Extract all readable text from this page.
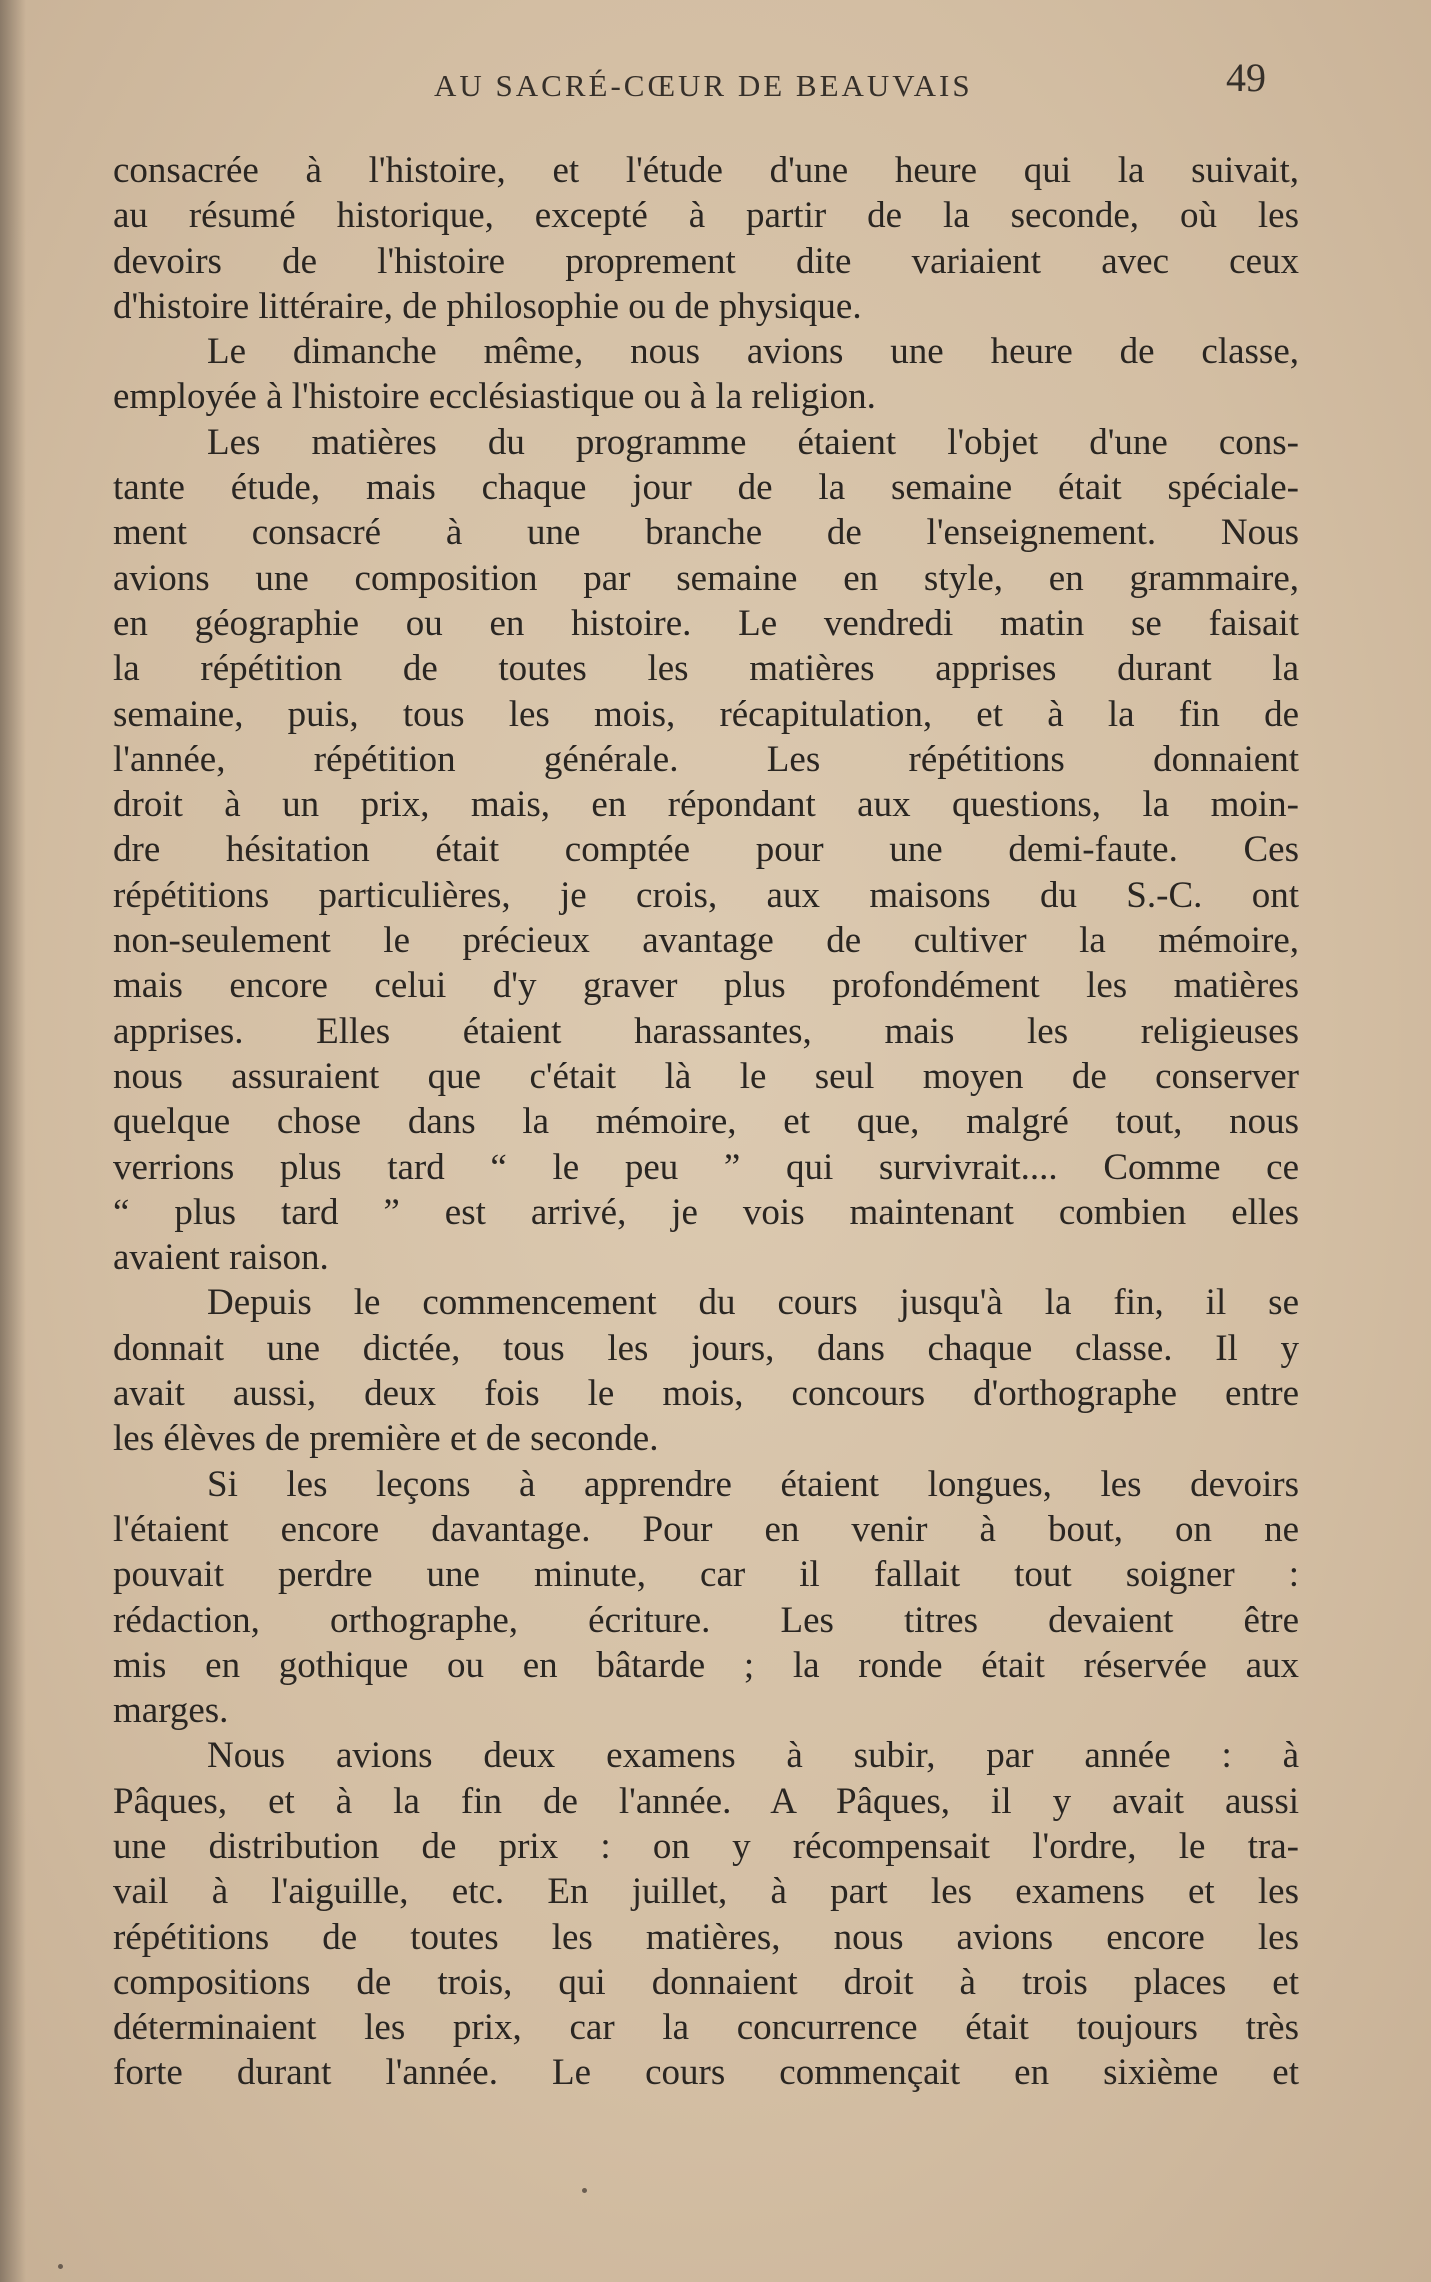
AU SACRÉ-CŒUR DE BEAUVAIS	49
consacrée à l'histoire, et l'étude d'une heure qui la suivait,
au résumé historique, excepté à partir de la seconde, où les
devoirs de l'histoire proprement dite variaient avec ceux
d'histoire littéraire, de philosophie ou de physique.
Le dimanche même, nous avions une heure de classe,
employée à l'histoire ecclésiastique ou à la religion.
Les matières du programme étaient l'objet d'une cons-
tante étude, mais chaque jour de la semaine était spéciale-
ment consacré à une branche de l'enseignement. Nous
avions une composition par semaine en style, en grammaire,
en géographie ou en histoire. Le vendredi matin se faisait
la répétition de toutes les matières apprises durant la
semaine, puis, tous les mois, récapitulation, et à la fin de
l'année, répétition générale. Les répétitions donnaient
droit à un prix, mais, en répondant aux questions, la moin-
dre hésitation était comptée pour une demi-faute. Ces
répétitions particulières, je crois, aux maisons du S.-C. ont
non-seulement le précieux avantage de cultiver la mémoire,
mais encore celui d'y graver plus profondément les matières
apprises. Elles étaient harassantes, mais les religieuses
nous assuraient que c'était là le seul moyen de conserver
quelque chose dans la mémoire, et que, malgré tout, nous
verrions plus tard “ le peu ” qui survivrait.... Comme ce
“ plus tard ” est arrivé, je vois maintenant combien elles
avaient raison.
Depuis le commencement du cours jusqu'à la fin, il se
donnait une dictée, tous les jours, dans chaque classe. Il y
avait aussi, deux fois le mois, concours d'orthographe entre
les élèves de première et de seconde.
Si les leçons à apprendre étaient longues, les devoirs
l'étaient encore davantage. Pour en venir à bout, on ne
pouvait perdre une minute, car il fallait tout soigner :
rédaction, orthographe, écriture. Les titres devaient être
mis en gothique ou en bâtarde ; la ronde était réservée aux
marges.
Nous avions deux examens à subir, par année : à
Pâques, et à la fin de l'année. A Pâques, il y avait aussi
une distribution de prix : on y récompensait l'ordre, le tra-
vail à l'aiguille, etc. En juillet, à part les examens et les
répétitions de toutes les matières, nous avions encore les
compositions de trois, qui donnaient droit à trois places et
déterminaient les prix, car la concurrence était toujours très
forte durant l'année. Le cours commençait en sixième et
